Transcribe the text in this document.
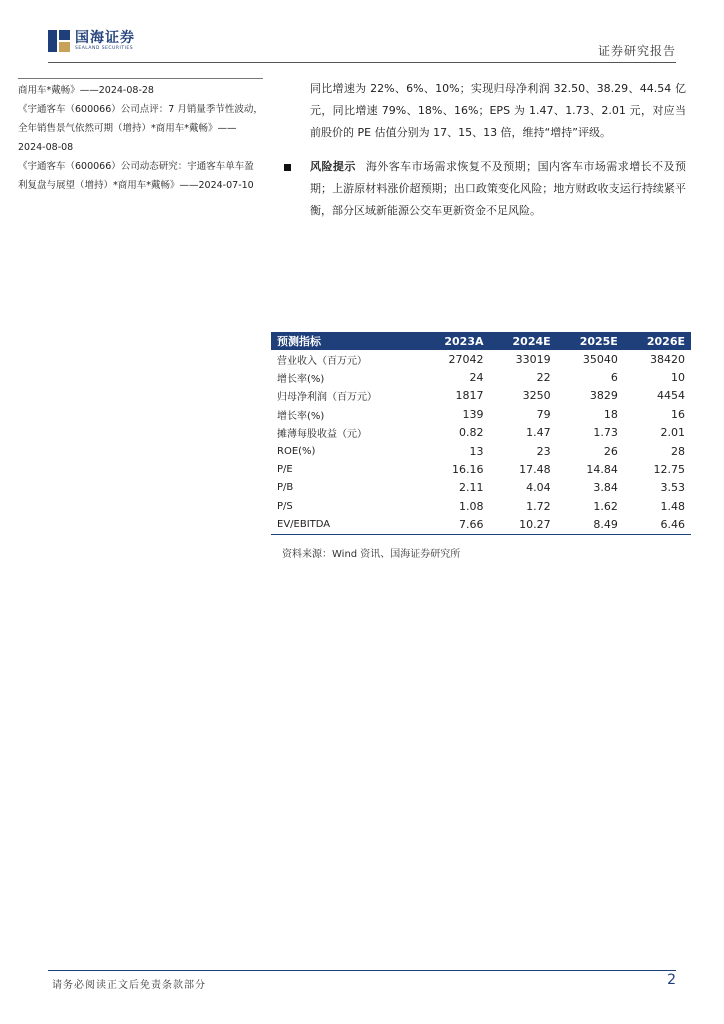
国海证券
SEALAND SECURITIES	证券研究报告
商用车*戴畅》——2024-08-28
《宇通客车（600066）公司点评：7 月销量季节性波动，全年销售景气依然可期（增持）*商用车*戴畅》——2024-08-08
《宇通客车（600066）公司动态研究：宇通客车单车盈利复盘与展望（增持）*商用车*戴畅》——2024-07-10
同比增速为 22%、6%、10%；实现归母净利润 32.50、38.29、44.54 亿元，同比增速 79%、18%、16%；EPS 为 1.47、1.73、2.01 元，对应当前股价的 PE 估值分别为 17、15、13 倍，维持“增持”评级。
风险提示 海外客车市场需求恢复不及预期；国内客车市场需求增长不及预期；上游原材料涨价超预期；出口政策变化风险；地方财政收支运行持续紧平衡，部分区域新能源公交车更新资金不足风险。
预测指标	2023A	2024E	2025E	2026E
营业收入（百万元）	27042	33019	35040	38420
增长率(%)	24	22	6	10
归母净利润（百万元）	1817	3250	3829	4454
增长率(%)	139	79	18	16
摊薄每股收益（元）	0.82	1.47	1.73	2.01
ROE(%)	13	23	26	28
P/E	16.16	17.48	14.84	12.75
P/B	2.11	4.04	3.84	3.53
P/S	1.08	1.72	1.62	1.48
EV/EBITDA	7.66	10.27	8.49	6.46
资料来源：Wind 资讯、国海证券研究所
请务必阅读正文后免责条款部分	2
